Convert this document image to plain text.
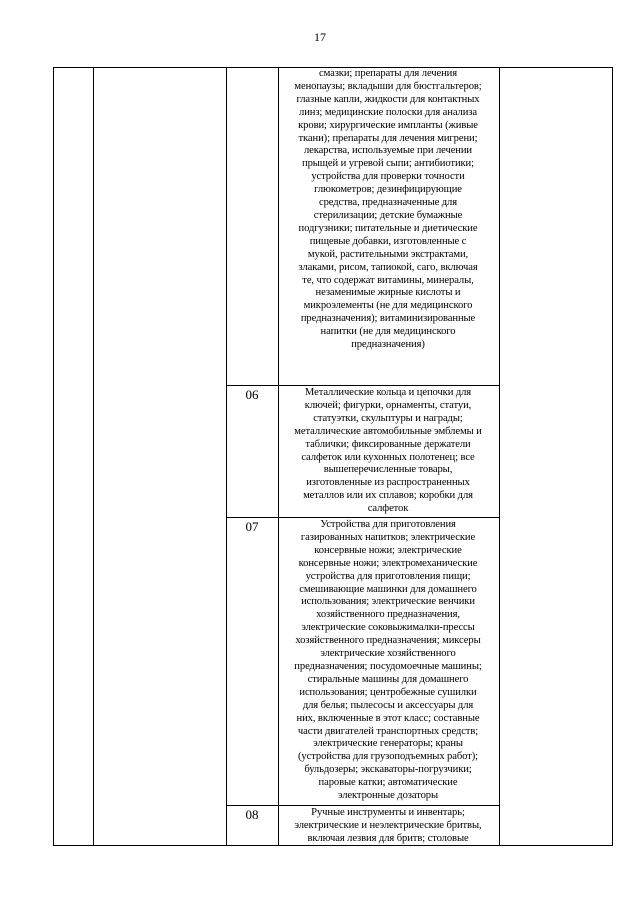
17
смазки; препараты для лечения
менопаузы; вкладыши для бюстгальтеров;
глазные капли, жидкости для контактных
линз; медицинские полоски для анализа
крови; хирургические импланты (живые
ткани); препараты для лечения мигрени;
лекарства, используемые при лечении
прыщей и угревой сыпи; антибиотики;
устройства для проверки точности
глюкометров; дезинфицирующие
средства, предназначенные для
стерилизации; детские бумажные
подгузники; питательные и диетические
пищевые добавки, изготовленные с
мукой, растительными экстрактами,
злаками, рисом, тапиокой, саго, включая
те, что содержат витамины, минералы,
незаменимые жирные кислоты и
микроэлементы (не для медицинского
предназначения); витаминизированные
напитки (не для медицинского
предназначения)
06	Металлические кольца и цепочки для
ключей; фигурки, орнаменты, статуи,
статуэтки, скульптуры и награды;
металлические автомобильные эмблемы и
таблички; фиксированные держатели
салфеток или кухонных полотенец; все
вышеперечисленные товары,
изготовленные из распространенных
металлов или их сплавов; коробки для
салфеток
07	Устройства для приготовления
газированных напитков; электрические
консервные ножи; электрические
консервные ножи; электромеханические
устройства для приготовления пищи;
смешивающие машинки для домашнего
использования; электрические венчики
хозяйственного предназначения,
электрические соковыжималки-прессы
хозяйственного предназначения; миксеры
электрические хозяйственного
предназначения; посудомоечные машины;
стиральные машины для домашнего
использования; центробежные сушилки
для белья; пылесосы и аксессуары для
них, включенные в этот класс; составные
части двигателей транспортных средств;
электрические генераторы; краны
(устройства для грузоподъемных работ);
бульдозеры; экскаваторы-погрузчики;
паровые катки; автоматические
электронные дозаторы
08	Ручные инструменты и инвентарь;
электрические и неэлектрические бритвы,
включая лезвия для бритв; столовые
